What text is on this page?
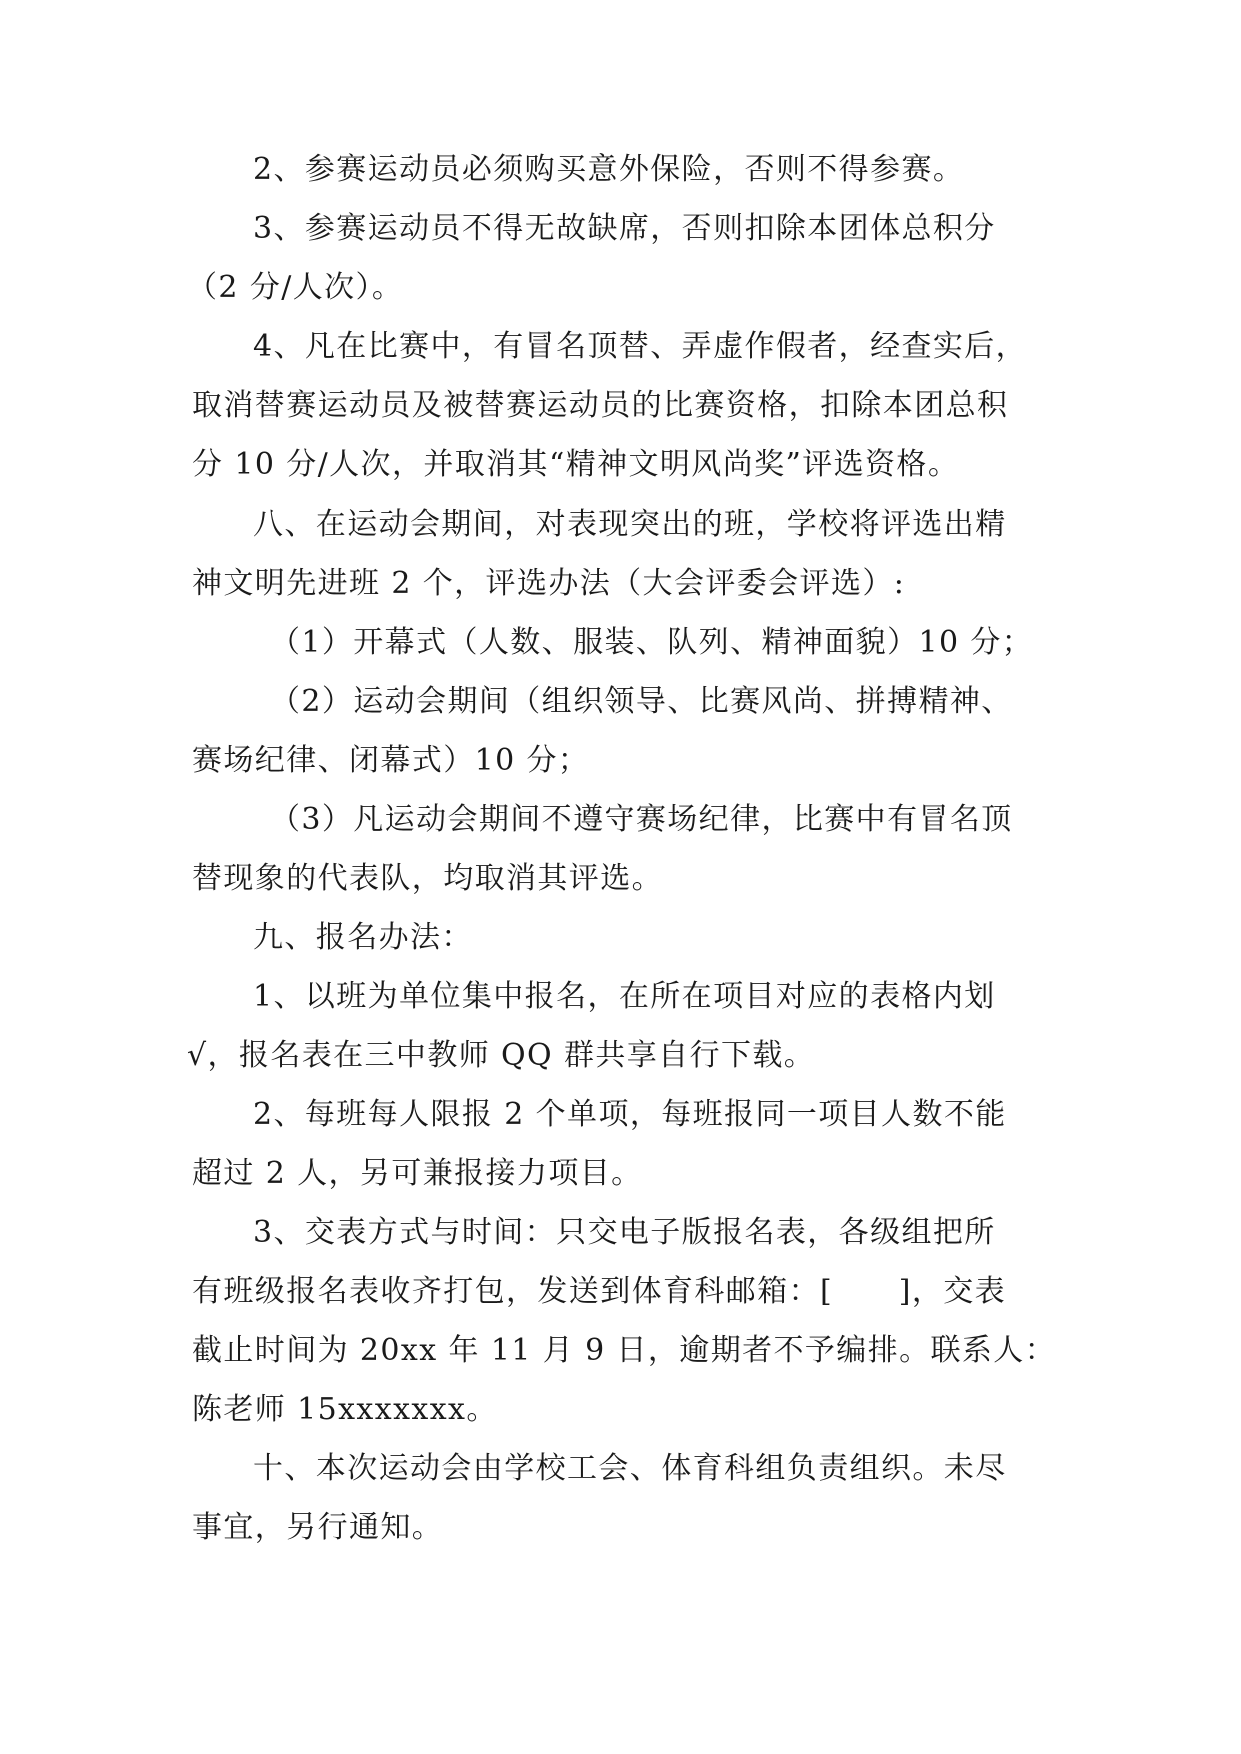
2、参赛运动员必须购买意外保险，否则不得参赛。
3、参赛运动员不得无故缺席，否则扣除本团体总积分
（2 分/人次）。
4、凡在比赛中，有冒名顶替、弄虚作假者，经查实后，
取消替赛运动员及被替赛运动员的比赛资格，扣除本团总积
分 10 分/人次，并取消其“精神文明风尚奖”评选资格。
八、在运动会期间，对表现突出的班，学校将评选出精
神文明先进班 2 个，评选办法（大会评委会评选）:
（1）开幕式（人数、服装、队列、精神面貌）10 分；
（2）运动会期间（组织领导、比赛风尚、拼搏精神、
赛场纪律、闭幕式）10 分；
（3）凡运动会期间不遵守赛场纪律，比赛中有冒名顶
替现象的代表队，均取消其评选。
九、报名办法：
1、以班为单位集中报名，在所在项目对应的表格内划
√，报名表在三中教师 QQ 群共享自行下载。
2、每班每人限报 2 个单项，每班报同一项目人数不能
超过 2 人，另可兼报接力项目。
3、交表方式与时间：只交电子版报名表，各级组把所
有班级报名表收齐打包，发送到体育科邮箱：[      ]，交表
截止时间为 20xx 年 11 月 9 日，逾期者不予编排。联系人：
陈老师 15xxxxxxx。
十、本次运动会由学校工会、体育科组负责组织。未尽
事宜，另行通知。
